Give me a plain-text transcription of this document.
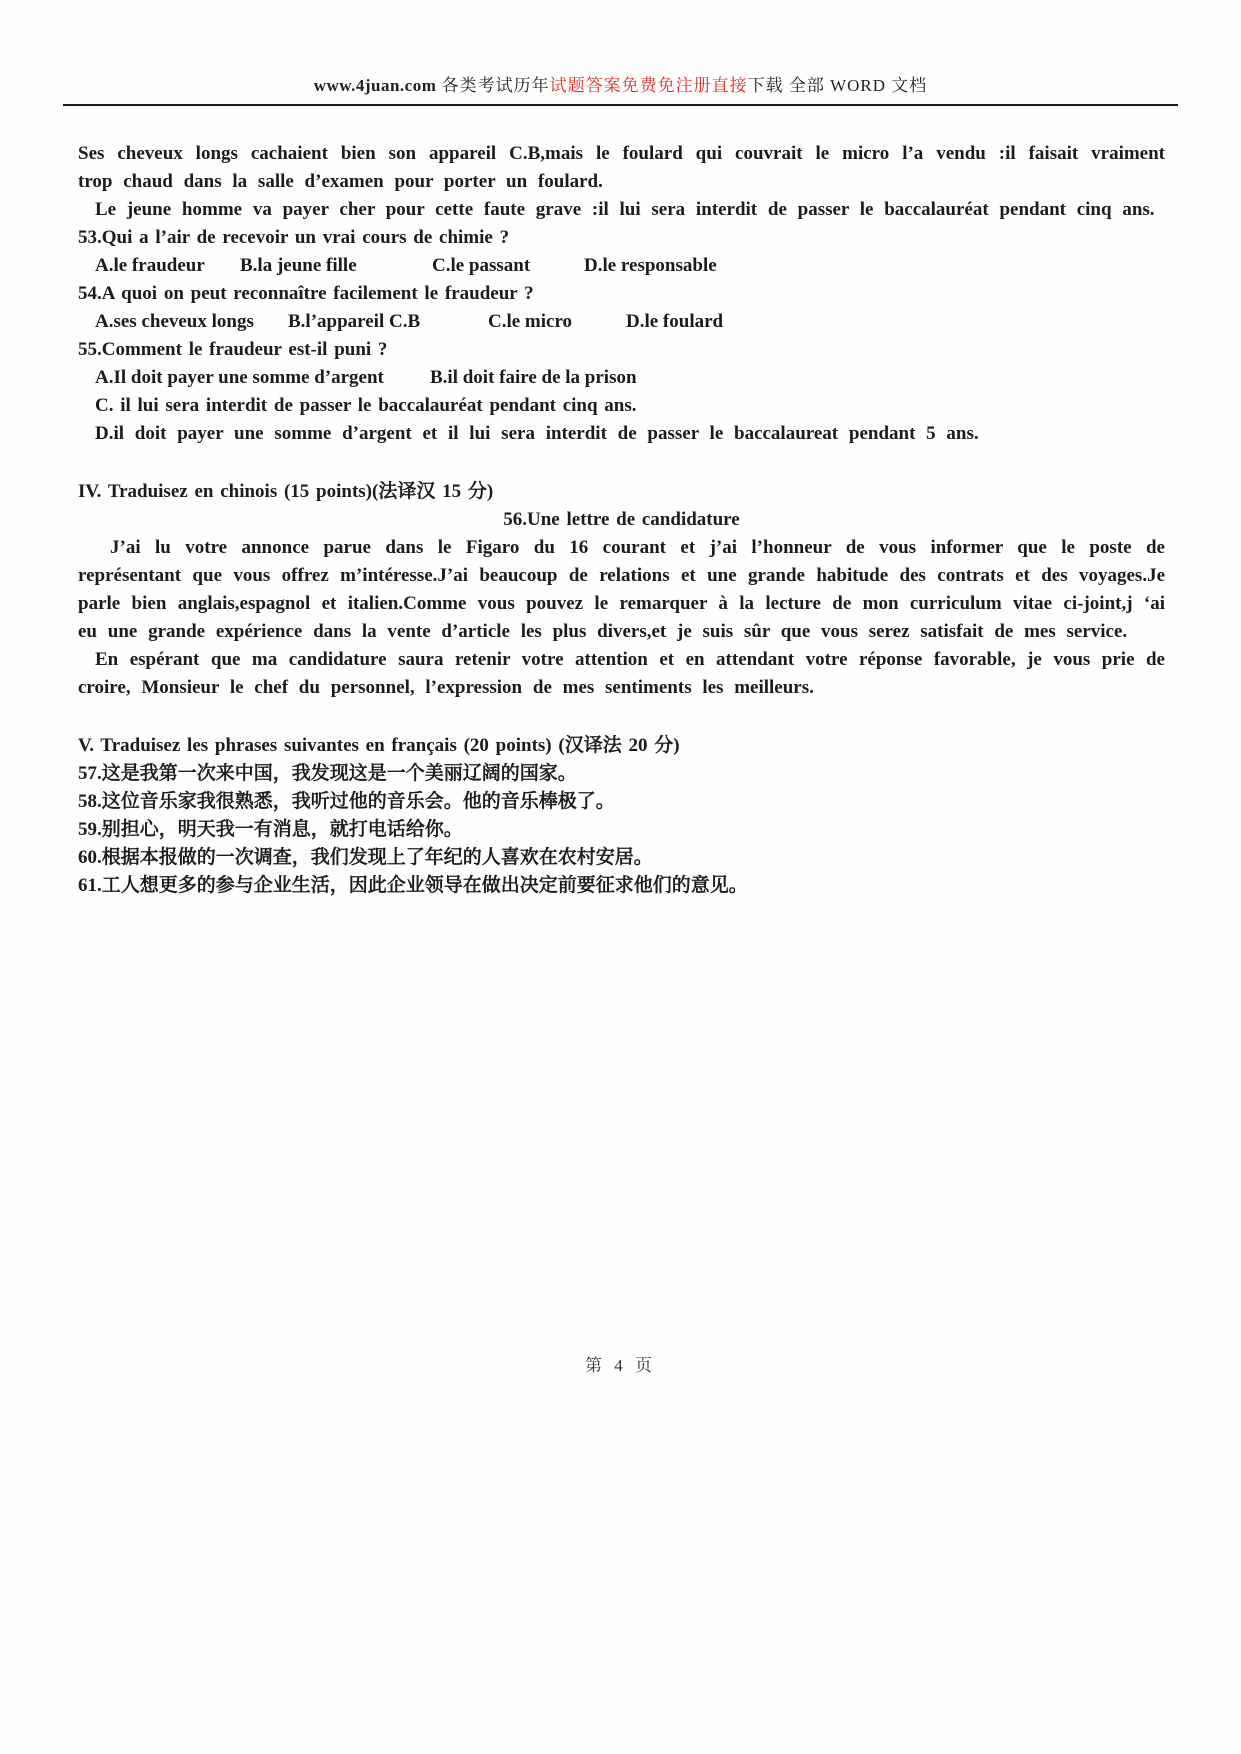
www.4juan.com 各类考试历年试题答案免费免注册直接下载 全部 WORD 文档

Ses cheveux longs cachaient bien son appareil C.B,mais le foulard qui couvrait le micro l’a vendu :il faisait vraiment trop chaud dans la salle d’examen pour porter un foulard.

Le jeune homme va payer cher pour cette faute grave :il lui sera interdit de passer le baccalauréat pendant cinq ans.

53.Qui a l’air de recevoir un vrai cours de chimie ?

A.le fraudeur	B.la jeune fille	C.le passant	D.le responsable

54.A quoi on peut reconnaître facilement le fraudeur ?

A.ses cheveux longs	B.l’appareil C.B	C.le micro	D.le foulard

55.Comment le fraudeur est-il puni ?

A.Il doit payer une somme d’argent	B.il doit faire de la prison

C. il lui sera interdit de passer le baccalauréat pendant cinq ans.

D.il doit payer une somme d’argent et il lui sera interdit de passer le baccalaureat pendant 5 ans.

IV. Traduisez en chinois (15 points)(法译汉 15 分)

56.Une lettre de candidature

J’ai lu votre annonce parue dans le Figaro du 16 courant et j’ai l’honneur de vous informer que le poste de représentant que vous offrez m’intéresse.J’ai beaucoup de relations et une grande habitude des contrats et des voyages.Je parle bien anglais,espagnol et italien.Comme vous pouvez le remarquer à la lecture de mon curriculum vitae ci-joint,j ‘ai eu une grande expérience dans la vente d’article les plus divers,et je suis sûr que vous serez satisfait de mes service.

En espérant que ma candidature saura retenir votre attention et en attendant votre réponse favorable, je vous prie de croire, Monsieur le chef du personnel, l’expression de mes sentiments les meilleurs.

V. Traduisez les phrases suivantes en français (20 points) (汉译法 20 分)

57.这是我第一次来中国，我发现这是一个美丽辽阔的国家。

58.这位音乐家我很熟悉，我听过他的音乐会。他的音乐棒极了。

59.别担心，明天我一有消息，就打电话给你。

60.根据本报做的一次调查，我们发现上了年纪的人喜欢在农村安居。

61.工人想更多的参与企业生活，因此企业领导在做出决定前要征求他们的意见。

第 4 页
